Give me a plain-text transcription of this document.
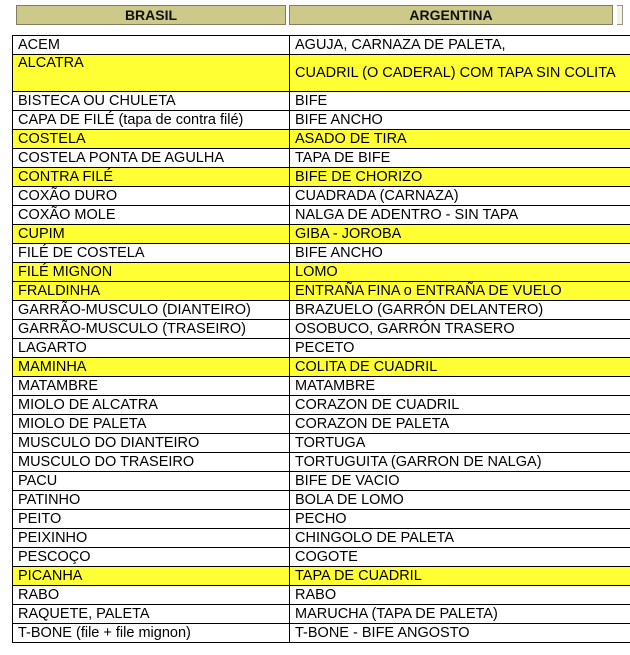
BRASIL	ARGENTINA
ACEM	AGUJA, CARNAZA DE PALETA,
ALCATRA	CUADRIL (O CADERAL) COM TAPA SIN COLITA
BISTECA OU CHULETA	BIFE
CAPA DE FILÉ (tapa de contra filé)	BIFE ANCHO
COSTELA	ASADO DE TIRA
COSTELA PONTA DE AGULHA	TAPA DE BIFE
CONTRA FILÉ	BIFE DE CHORIZO
COXÃO DURO	CUADRADA (CARNAZA)
COXÃO MOLE	NALGA DE ADENTRO - SIN TAPA
CUPIM	GIBA - JOROBA
FILÉ DE COSTELA	BIFE ANCHO
FILÉ MIGNON	LOMO
FRALDINHA	ENTRAÑA FINA o ENTRAÑA DE VUELO
GARRÃO-MUSCULO (DIANTEIRO)	BRAZUELO (GARRÓN DELANTERO)
GARRÃO-MUSCULO (TRASEIRO)	OSOBUCO, GARRÓN TRASERO
LAGARTO	PECETO
MAMINHA	COLITA DE CUADRIL
MATAMBRE	MATAMBRE
MIOLO DE ALCATRA	CORAZON DE CUADRIL
MIOLO DE PALETA	CORAZON DE PALETA
MUSCULO DO DIANTEIRO	TORTUGA
MUSCULO DO TRASEIRO	TORTUGUITA (GARRON DE NALGA)
PACU	BIFE DE VACIO
PATINHO	BOLA DE LOMO
PEITO	PECHO
PEIXINHO	CHINGOLO DE PALETA
PESCOÇO	COGOTE
PICANHA	TAPA DE CUADRIL
RABO	RABO
RAQUETE, PALETA	MARUCHA (TAPA DE PALETA)
T-BONE (file + file mignon)	T-BONE - BIFE ANGOSTO
